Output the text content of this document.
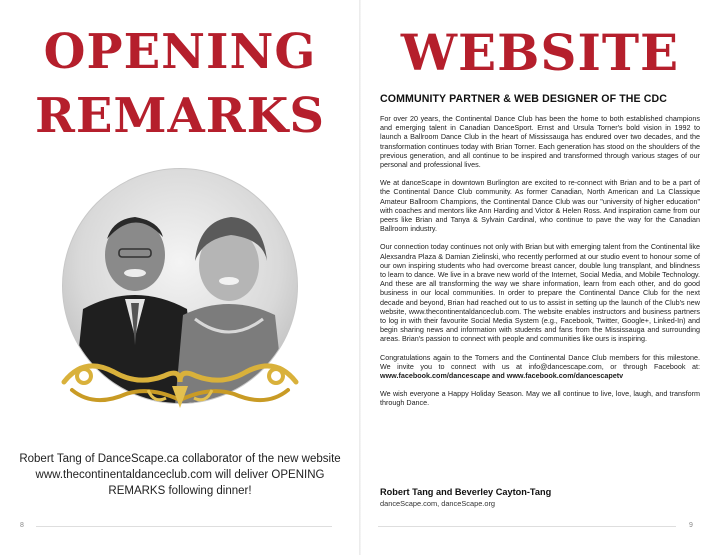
OPENING
REMARKS
Robert Tang of DanceScape.ca collaborator of the new website www.thecontinentaldanceclub.com will deliver OPENING REMARKS following dinner!
8
WEBSITE
COMMUNITY PARTNER & WEB DESIGNER OF THE CDC

For over 20 years, the Continental Dance Club has been the home to both established champions and emerging talent in Canadian DanceSport. Ernst and Ursula Torner's bold vision in 1992 to launch a Ballroom Dance Club in the heart of Mississauga has endured over two decades, and the transformation continues today with Brian Torner. Each generation has stood on the shoulders of the previous generation, and all continue to be inspired and transformed through various stages of our personal and professional lives.

We at danceScape in downtown Burlington are excited to re-connect with Brian and to be a part of the Continental Dance Club community. As former Canadian, North American and La Classique Amateur Ballroom Champions, the Continental Dance Club was our "university of higher education" with coaches and mentors like Ann Harding and Victor & Helen Ross. And inspiration came from our peers like Brian and Tanya & Sylvain Cardinal, who continue to pave the way for the Canadian Ballroom industry.

Our connection today continues not only with Brian but with emerging talent from the Continental like Alexsandra Plaza & Damian Zielinski, who recently performed at our studio event to honour some of our own inspiring students who had overcome breast cancer, double lung transplant, and blindness to learn to dance. We live in a brave new world of the Internet, Social Media, and Mobile Technology. And these are all transforming the way we share information, learn from each other, and do good business in our local communities. In order to prepare the Continental Dance Club for the next decade and beyond, Brian had reached out to us to assist in setting up the launch of the Club's new website, www.thecontinentaldanceclub.com. The website enables instructors and business partners to log in with their favourite Social Media System (e.g., Facebook, Twitter, Google+, Linked-In) and begin sharing news and information with students and fans from the Mississauga and surrounding areas. Brian's passion to connect with people and communities like ours is inspiring.

Congratulations again to the Torners and the Continental Dance Club members for this milestone. We invite you to connect with us at info@dancescape.com, or through Facebook at: www.facebook.com/dancescape and www.facebook.com/dancescapetv

We wish everyone a Happy Holiday Season. May we all continue to live, love, laugh, and transform through Dance.

Robert Tang and Beverley Cayton-Tang
danceScape.com, danceScape.org
9
